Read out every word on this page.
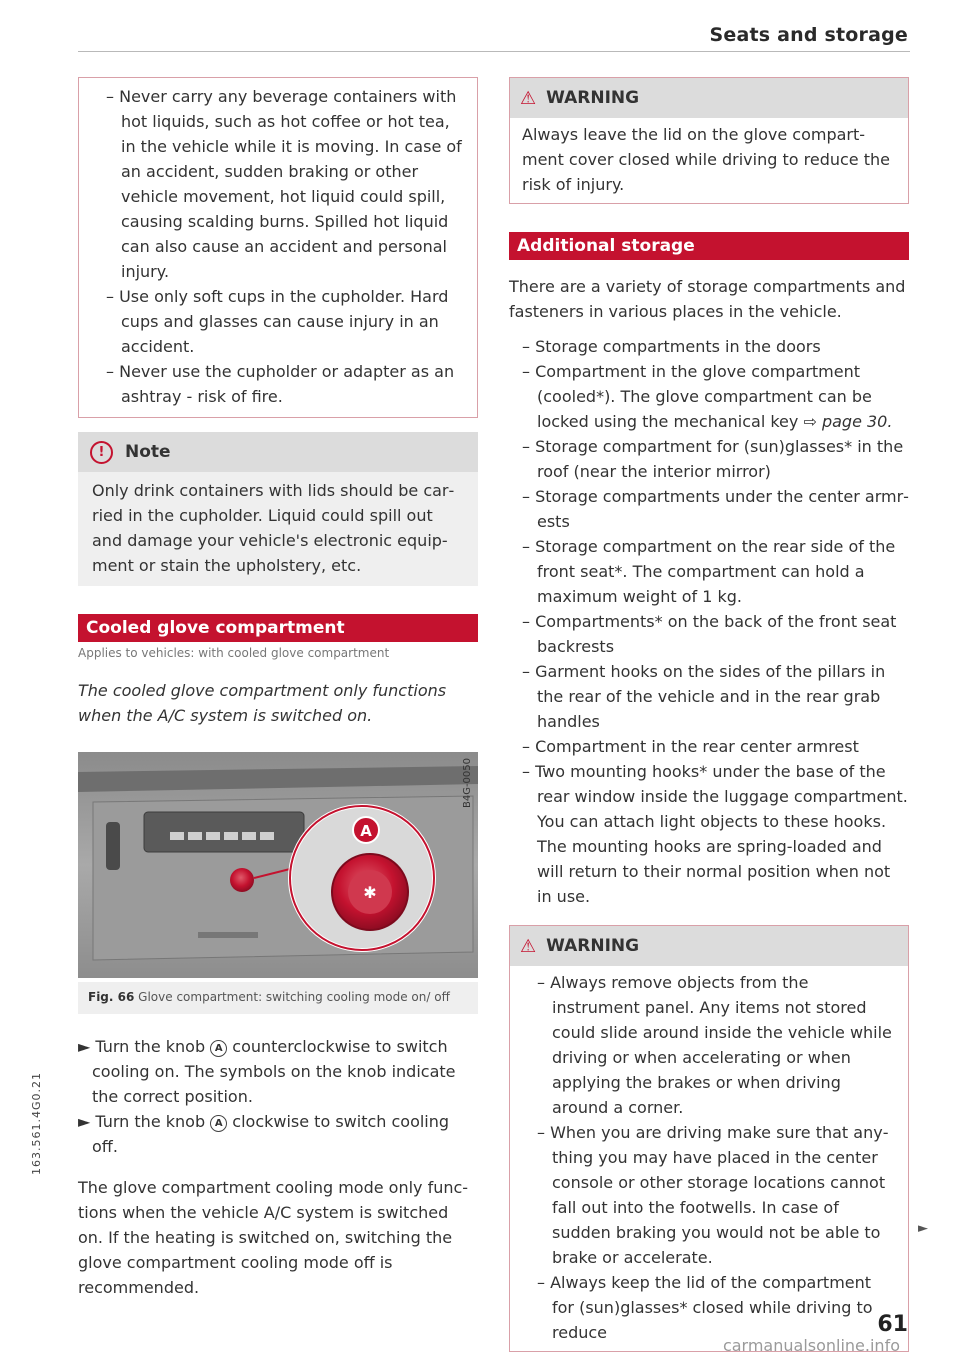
Seats and storage
– Never carry any beverage containers with hot liquids, such as hot coffee or hot tea, in the vehicle while it is moving. In case of an accident, sudden braking or other vehicle movement, hot liquid could spill, causing scalding burns. Spilled hot liquid can also cause an accident and personal injury.
– Use only soft cups in the cupholder. Hard cups and glasses can cause injury in an accident.
– Never use the cupholder or adapter as an ashtray - risk of fire.
!	Note
Only drink containers with lids should be carried in the cupholder. Liquid could spill out and damage your vehicle's electronic equipment or stain the upholstery, etc.
Cooled glove compartment
Applies to vehicles: with cooled glove compartment
The cooled glove compartment only functions when the A/C system is switched on.
✱
A
B4G-0050
Fig. 66 Glove compartment: switching cooling mode on/ off
► Turn the knob A counterclockwise to switch cooling on. The symbols on the knob indicate the correct position.
► Turn the knob A clockwise to switch cooling off.
The glove compartment cooling mode only functions when the vehicle A/C system is switched on. If the heating is switched on, switching the glove compartment cooling mode off is recommended.
⚠ WARNING
Always leave the lid on the glove compartment cover closed while driving to reduce the risk of injury.
Additional storage
There are a variety of storage compartments and fasteners in various places in the vehicle.
– Storage compartments in the doors
– Compartment in the glove compartment (cooled*). The glove compartment can be locked using the mechanical key ⇨ page 30.
– Storage compartment for (sun)glasses* in the roof (near the interior mirror)
– Storage compartments under the center armrests
– Storage compartment on the rear side of the front seat*. The compartment can hold a maximum weight of 1 kg.
– Compartments* on the back of the front seat backrests
– Garment hooks on the sides of the pillars in the rear of the vehicle and in the rear grab handles
– Compartment in the rear center armrest
– Two mounting hooks* under the base of the rear window inside the luggage compartment. You can attach light objects to these hooks. The mounting hooks are spring-loaded and will return to their normal position when not in use.
⚠ WARNING
– Always remove objects from the instrument panel. Any items not stored could slide around inside the vehicle while driving or when accelerating or when applying the brakes or when driving around a corner.
– When you are driving make sure that anything you may have placed in the center console or other storage locations cannot fall out into the footwells. In case of sudden braking you would not be able to brake or accelerate.
– Always keep the lid of the compartment for (sun)glasses* closed while driving to reduce
►
163.561.4G0.21
61
carmanualsonline.info
